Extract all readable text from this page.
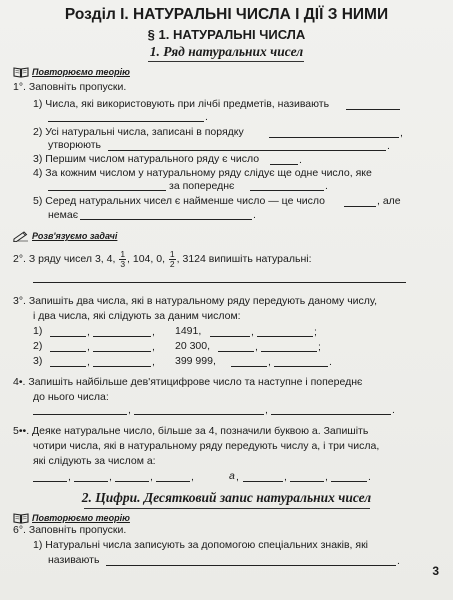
Розділ І. НАТУРАЛЬНІ ЧИСЛА І ДІЇ З НИМИ
§ 1. НАТУРАЛЬНІ ЧИСЛА
1. Ряд натуральних чисел
Повторюємо теорію
1°. Заповніть пропуски.
1) Числа, які використовують при лічбі предметів, називають
.
2) Усі натуральні числа, записані в порядку	,
утворюють	.
3) Першим числом натурального ряду є число	.
4) За кожним числом у натуральному ряду слідує ще одне число, яке
за попереднє	.
5) Серед натуральних чисел є найменше число — це число	, але
немає	.
Розв'язуємо задачі
2°. З ряду чисел 3, 4, $\frac{1}{3}$ , 104, 0, $\frac{1}{2}$ , 3124 випишіть натуральні:
3°. Запишіть два числа, які в натуральному ряду передують даному числу,
і два числа, які слідують за даним числом:
1)	,	, 1491,	,	;
2)	,	, 20 300,	,	;
3)	,	, 399 999,	,	.
4•. Запишіть найбільше дев'ятицифрове число та наступне і попереднє
до нього числа:
,	,	.
5••. Деяке натуральне число, більше за 4, позначили буквою a. Запишіть
чотири числа, які в натуральному ряду передують числу a, і три числа,
які слідують за числом a:
,	,	,	,	a ,	,	,	.
2. Цифри. Десятковий запис натуральних чисел
Повторюємо теорію
6°. Заповніть пропуски.
1) Натуральні числа записують за допомогою спеціальних знаків, які
називають	.
3
